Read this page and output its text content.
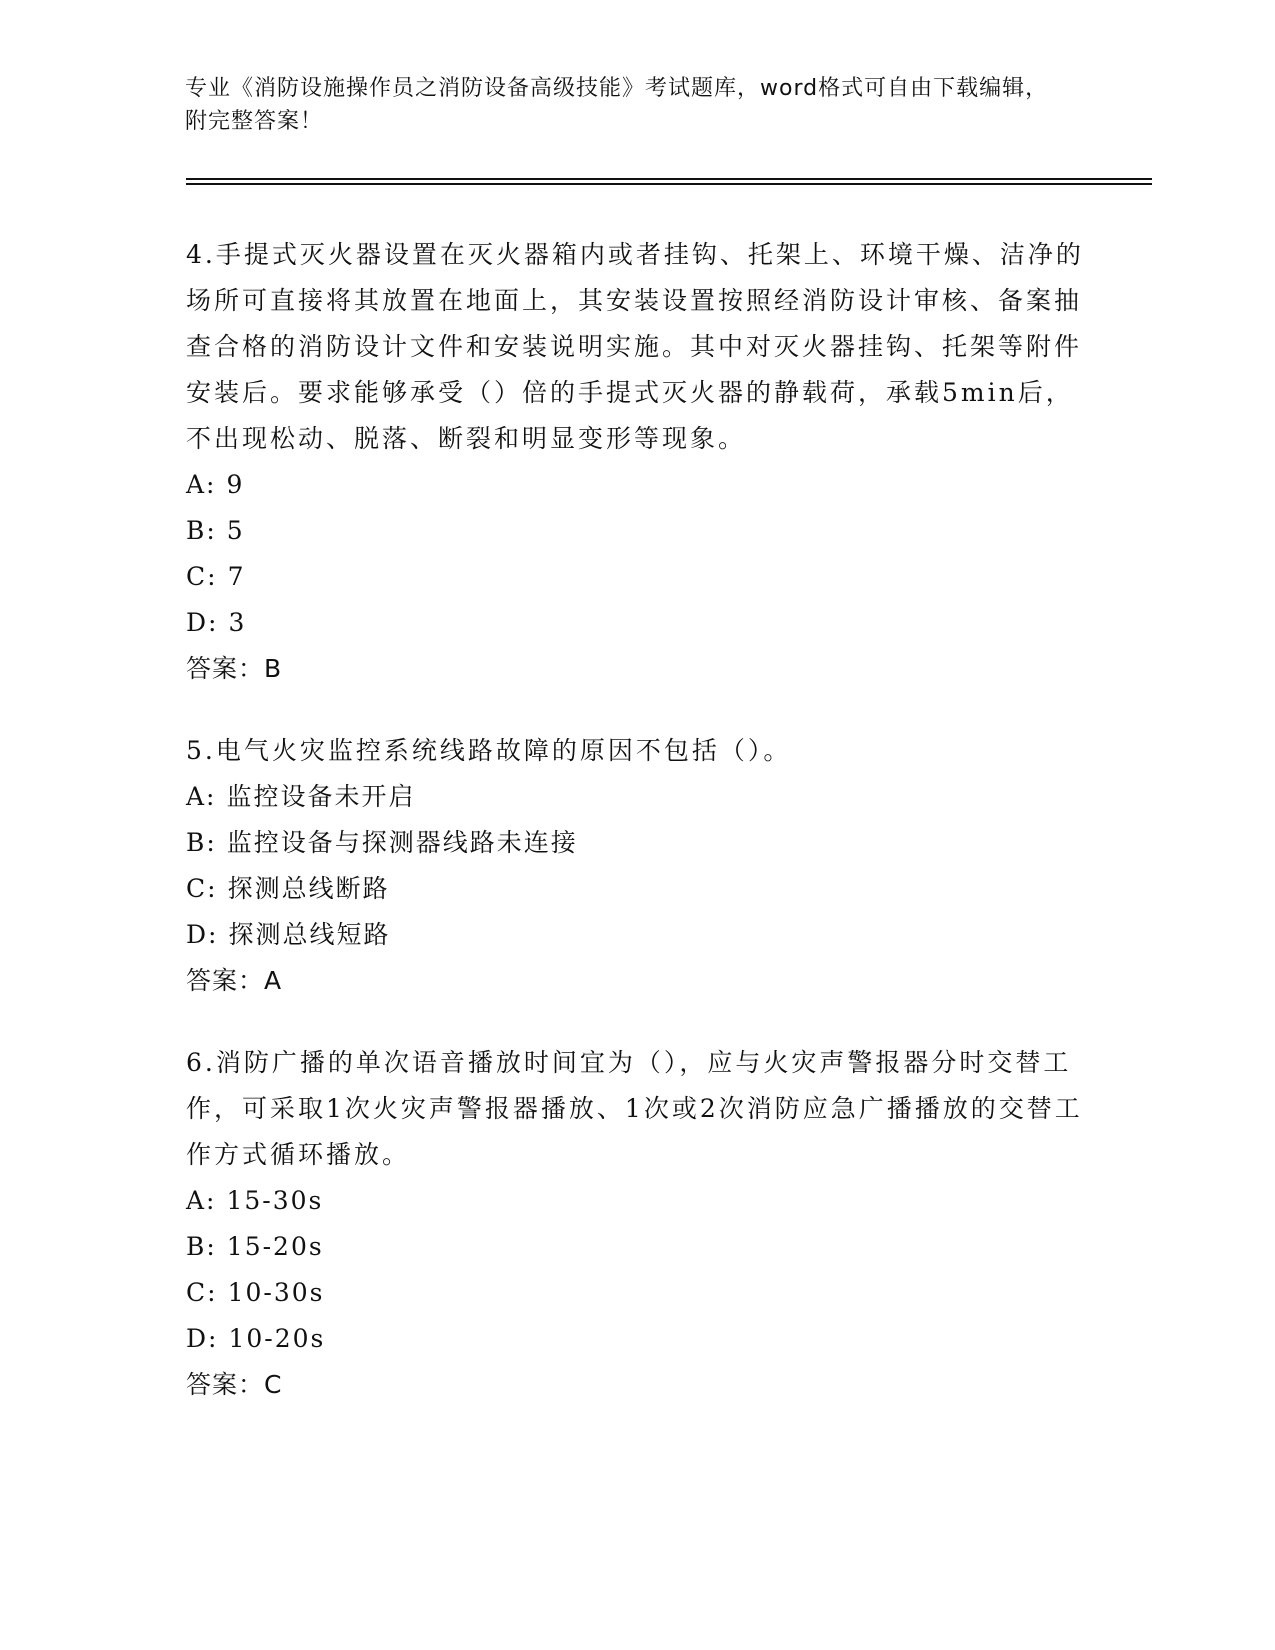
专业《消防设施操作员之消防设备高级技能》考试题库，word格式可自由下载编辑，附完整答案！
4.手提式灭火器设置在灭火器箱内或者挂钩、托架上、环境干燥、洁净的场所可直接将其放置在地面上，其安装设置按照经消防设计审核、备案抽查合格的消防设计文件和安装说明实施。其中对灭火器挂钩、托架等附件安装后。要求能够承受（）倍的手提式灭火器的静载荷，承载5min后，不出现松动、脱落、断裂和明显变形等现象。
A: 9
B: 5
C: 7
D: 3
答案：B
5.电气火灾监控系统线路故障的原因不包括（）。
A: 监控设备未开启
B: 监控设备与探测器线路未连接
C: 探测总线断路
D: 探测总线短路
答案：A
6.消防广播的单次语音播放时间宜为（），应与火灾声警报器分时交替工作，可采取1次火灾声警报器播放、1次或2次消防应急广播播放的交替工作方式循环播放。
A: 15-30s
B: 15-20s
C: 10-30s
D: 10-20s
答案：C
